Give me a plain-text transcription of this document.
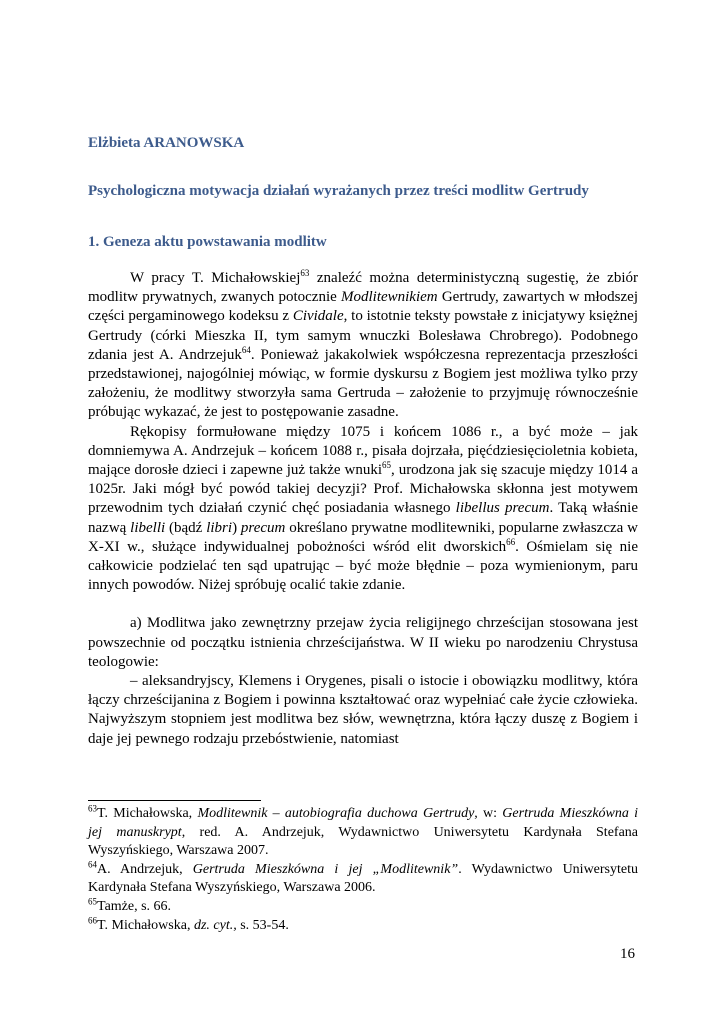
Elżbieta ARANOWSKA
Psychologiczna motywacja działań wyrażanych przez treści modlitw Gertrudy
1. Geneza aktu powstawania modlitw

W pracy T. Michałowskiej$^{63}$ znaleźć można deterministyczną sugestię, że zbiór modlitw prywatnych, zwanych potocznie Modlitewnikiem Gertrudy, zawartych w młodszej części pergaminowego kodeksu z Cividale, to istotnie teksty powstałe z inicjatywy księżnej Gertrudy (córki Mieszka II, tym samym wnuczki Bolesława Chrobrego). Podobnego zdania jest A. Andrzejuk$^{64}$. Ponieważ jakakolwiek współczesna reprezentacja przeszłości przedstawionej, najogólniej mówiąc, w formie dyskursu z Bogiem jest możliwa tylko przy założeniu, że modlitwy stworzyła sama Gertruda – założenie to przyjmuję równocześnie próbując wykazać, że jest to postępowanie zasadne.

Rękopisy formułowane między 1075 i końcem 1086 r., a być może – jak domniemywa A. Andrzejuk – końcem 1088 r., pisała dojrzała, pięćdziesięcioletnia kobieta, mające dorosłe dzieci i zapewne już także wnuki$^{65}$, urodzona jak się szacuje między 1014 a 1025r. Jaki mógł być powód takiej decyzji? Prof. Michałowska skłonna jest motywem przewodnim tych działań czynić chęć posiadania własnego libellus precum. Taką właśnie nazwą libelli (bądź libri) precum określano prywatne modlitewniki, popularne zwłaszcza w X-XI w., służące indywidualnej pobożności wśród elit dworskich$^{66}$. Ośmielam się nie całkowicie podzielać ten sąd upatrując – być może błędnie – poza wymienionym, paru innych powodów. Niżej spróbuję ocalić takie zdanie.

a) Modlitwa jako zewnętrzny przejaw życia religijnego chrześcijan stosowana jest powszechnie od początku istnienia chrześcijaństwa. W II wieku po narodzeniu Chrystusa teologowie:

– aleksandryjscy, Klemens i Orygenes, pisali o istocie i obowiązku modlitwy, która łączy chrześcijanina z Bogiem i powinna kształtować oraz wypełniać całe życie człowieka. Najwyższym stopniem jest modlitwa bez słów, wewnętrzna, która łączy duszę z Bogiem i daje jej pewnego rodzaju przebóstwienie, natomiast

$^{63}$T. Michałowska, Modlitewnik – autobiografia duchowa Gertrudy, w: Gertruda Mieszkówna i jej manuskrypt, red. A. Andrzejuk, Wydawnictwo Uniwersytetu Kardynała Stefana Wyszyńskiego, Warszawa 2007.

$^{64}$A. Andrzejuk, Gertruda Mieszkówna i jej „Modlitewnik”. Wydawnictwo Uniwersytetu Kardynała Stefana Wyszyńskiego, Warszawa 2006.

$^{65}$Tamże, s. 66.

$^{66}$T. Michałowska, dz. cyt., s. 53-54.

16
